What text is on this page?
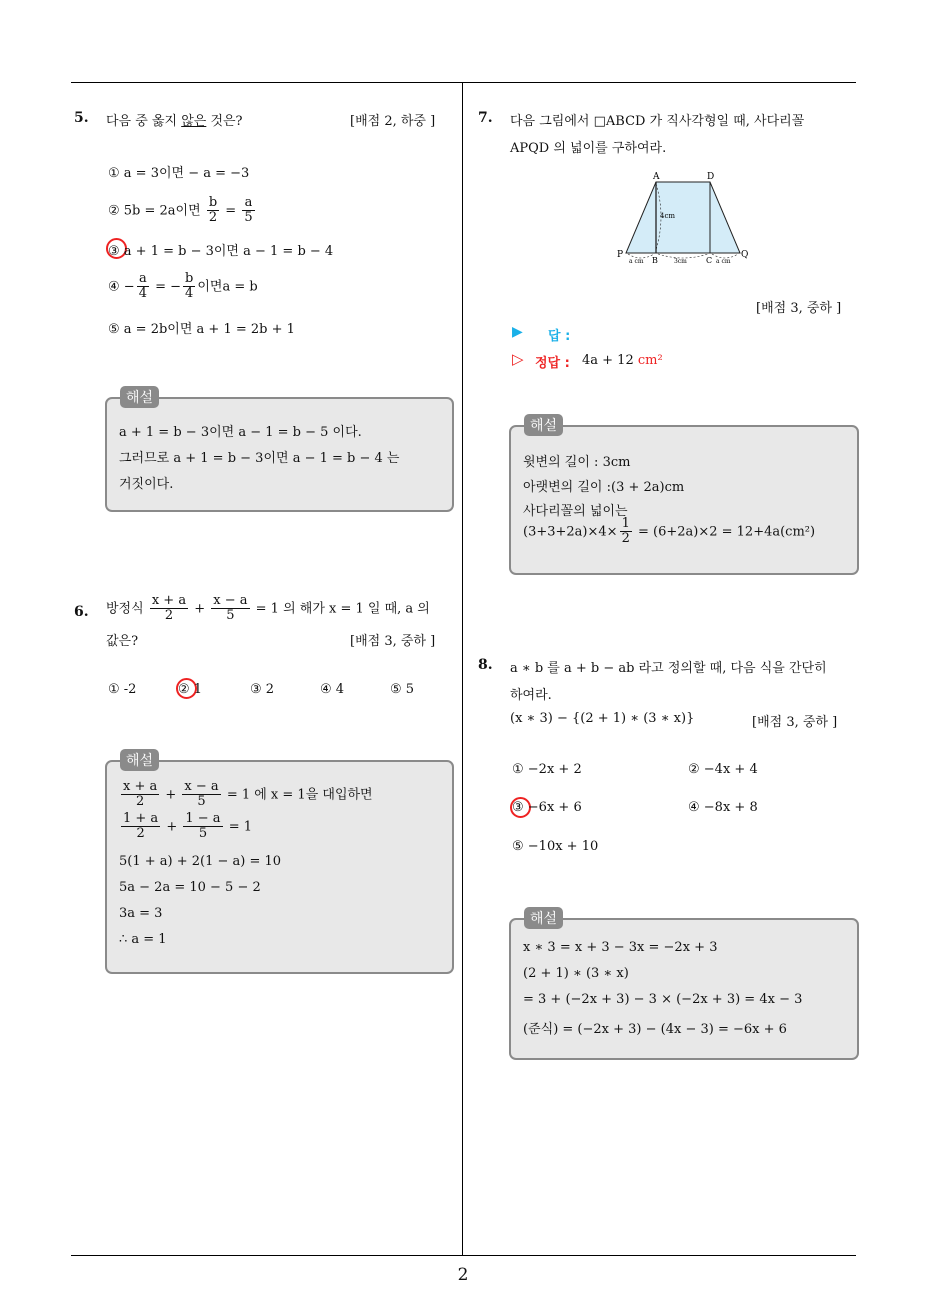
2
5. 다음 중 옳지 않은 것은?	[배점 2, 하중 ]
① a = 3이면 − a = −3
② 5b = 2a이면 $\frac{b}{2} = \frac{a}{5}$
③ a + 1 = b − 3이면 a − 1 = b − 4
④ − $\frac{a}{4}$ = − $\frac{b}{4}$ 이면a = b
⑤ a = 2b이면 a + 1 = 2b + 1
a + 1 = b − 3이면 a − 1 = b − 5 이다.
그러므로 a + 1 = b − 3이면 a − 1 = b − 4 는
거짓이다.
해설
6. 방정식 $\frac{x + a}{2} + \frac{x - a}{5} = 1$ 의 해가 x = 1 일 때, a 의
값은?	[배점 3, 중하 ]
① -2	② 1	③ 2	④ 4	⑤ 5
$\frac{x + a}{2} + \frac{x - a}{5} = 1$ 에 x = 1을 대입하면
$\frac{1 + a}{2} + \frac{1 - a}{5} = 1$
5(1 + a) + 2(1 − a) = 10
5a − 2a = 10 − 5 − 2
3a = 3
∴ a = 1
해설
7. 다음 그림에서 □ABCD 가 직사각형일 때, 사다리꼴
APQD 의 넓이를 구하여라.
A	D
P	Q
B	C
4cm
a cm	3cm	a cm
[배점 3, 중하 ]
▶ 답 :
▷ 정답 : 4a + 12 cm²
윗변의 길이 : 3cm
아랫변의 길이 :(3 + 2a)cm
사다리꼴의 넓이는
$(3+3+2a)\times 4\times \frac{1}{2} = (6+2a)\times 2 = 12+4a(cm^2)$
해설
8. a ∗ b 를 a + b − ab 라고 정의할 때, 다음 식을 간단히
하여라.
(x ∗ 3) − {(2 + 1) ∗ (3 ∗ x)}	[배점 3, 중하 ]
① −2x + 2	② −4x + 4
③ −6x + 6	④ −8x + 8
⑤ −10x + 10
x ∗ 3 = x + 3 − 3x = −2x + 3
(2 + 1) ∗ (3 ∗ x)
= 3 + (−2x + 3) − 3 × (−2x + 3) = 4x − 3
(준식) = (−2x + 3) − (4x − 3) = −6x + 6
해설
